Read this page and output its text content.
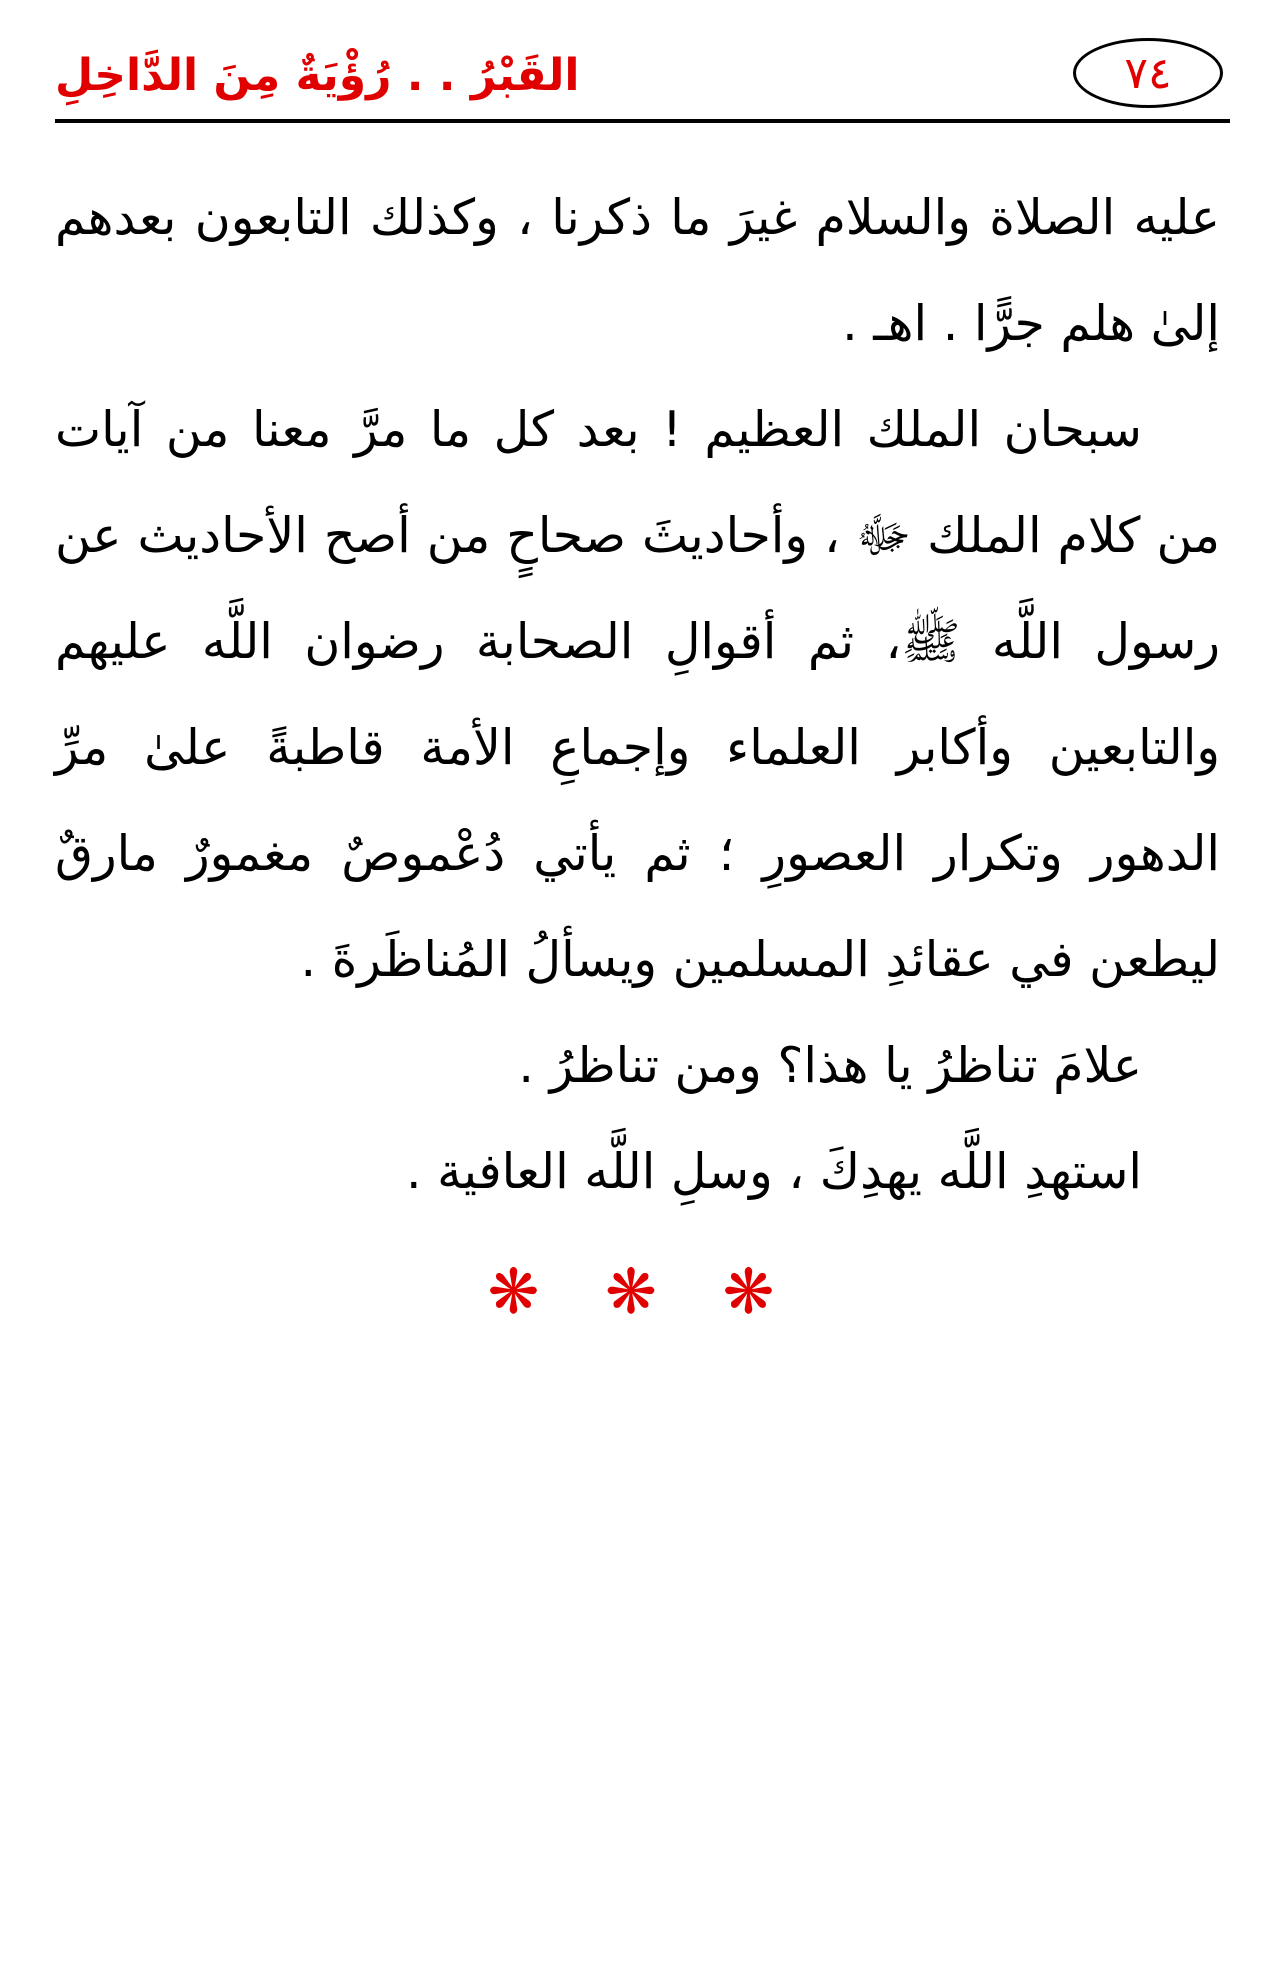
٧٤
القَبْرُ . . رُؤْيَةٌ مِنَ الدَّاخِلِ

عليه الصلاة والسلام غيرَ ما ذكرنا ، وكذلك التابعون بعدهم إلىٰ هلم جرًّا . اهـ .

سبحان الملك العظيم ! بعد كل ما مرَّ معنا من آيات من كلام الملك ﷻ ، وأحاديثَ صحاحٍ من أصح الأحاديث عن رسول اللَّه ﷺ، ثم أقوالِ الصحابة رضوان اللَّه عليهم والتابعين وأكابر العلماء وإجماعِ الأمة قاطبةً علىٰ مرِّ الدهور وتكرار العصورِ ؛ ثم يأتي دُعْموصٌ مغمورٌ مارقٌ ليطعن في عقائدِ المسلمين ويسألُ المُناظَرةَ .

علامَ تناظرُ يا هذا؟ ومن تناظرُ .

استهدِ اللَّه يهدِكَ ، وسلِ اللَّه العافية .

❋ ❋ ❋
